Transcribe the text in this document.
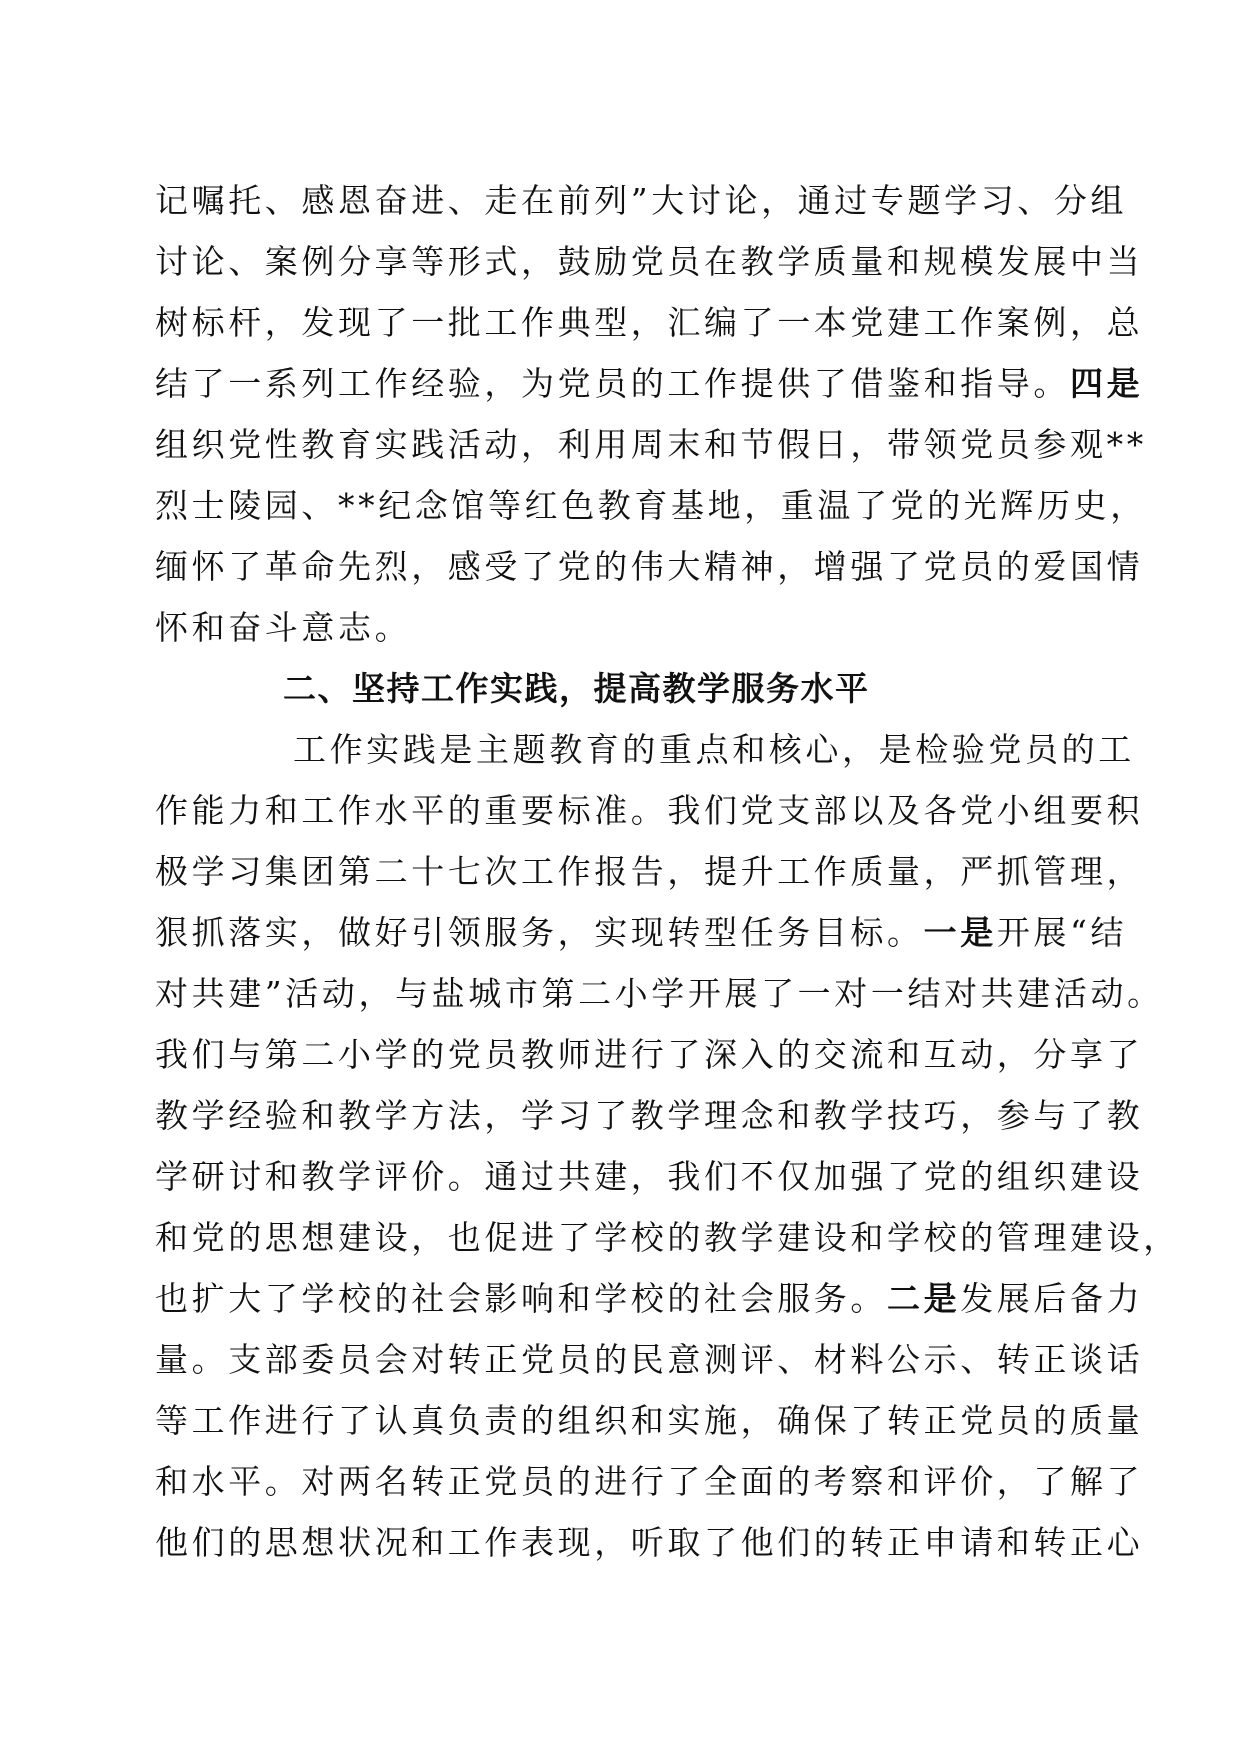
记嘱托、感恩奋进、走在前列”大讨论，通过专题学习、分组
讨论、案例分享等形式，鼓励党员在教学质量和规模发展中当
树标杆，发现了一批工作典型，汇编了一本党建工作案例，总
结了一系列工作经验，为党员的工作提供了借鉴和指导。四是
组织党性教育实践活动，利用周末和节假日，带领党员参观**
烈士陵园、**纪念馆等红色教育基地，重温了党的光辉历史，
缅怀了革命先烈，感受了党的伟大精神，增强了党员的爱国情
怀和奋斗意志。
二、坚持工作实践，提高教学服务水平
工作实践是主题教育的重点和核心，是检验党员的工
作能力和工作水平的重要标准。我们党支部以及各党小组要积
极学习集团第二十七次工作报告，提升工作质量，严抓管理，
狠抓落实，做好引领服务，实现转型任务目标。一是开展“结
对共建”活动，与盐城市第二小学开展了一对一结对共建活动。
我们与第二小学的党员教师进行了深入的交流和互动，分享了
教学经验和教学方法，学习了教学理念和教学技巧，参与了教
学研讨和教学评价。通过共建，我们不仅加强了党的组织建设
和党的思想建设，也促进了学校的教学建设和学校的管理建设，
也扩大了学校的社会影响和学校的社会服务。二是发展后备力
量。支部委员会对转正党员的民意测评、材料公示、转正谈话
等工作进行了认真负责的组织和实施，确保了转正党员的质量
和水平。对两名转正党员的进行了全面的考察和评价，了解了
他们的思想状况和工作表现，听取了他们的转正申请和转正心
